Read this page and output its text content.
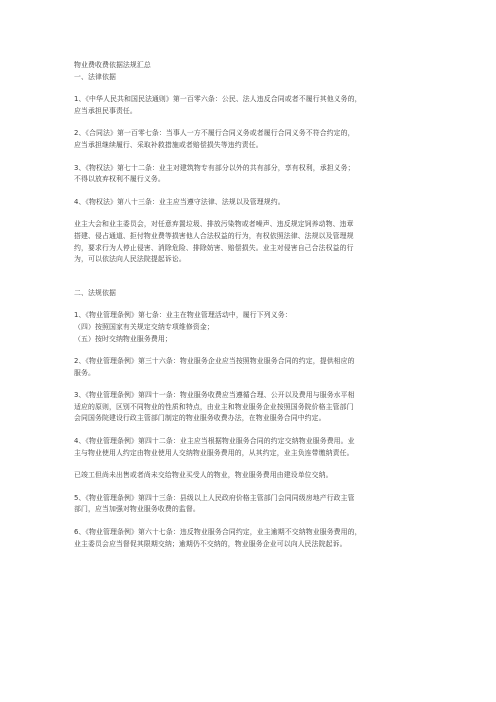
物业费收费依据法规汇总
一、法律依据
1、《中华人民共和国民法通则》第一百零六条：公民、法人违反合同或者不履行其他义务的，
应当承担民事责任。
2、《合同法》第一百零七条：当事人一方不履行合同义务或者履行合同义务不符合约定的，
应当承担继续履行、采取补救措施或者赔偿损失等违约责任。
3、《物权法》第七十二条：业主对建筑物专有部分以外的共有部分，享有权利，承担义务；
不得以放弃权利不履行义务。
4、《物权法》第八十三条：业主应当遵守法律、法规以及管理规约。
业主大会和业主委员会，对任意弃置垃圾、排放污染物或者噪声、违反规定饲养动物、违章
搭建、侵占通道、拒付物业费等损害他人合法权益的行为，有权依照法律、法规以及管理规
约，要求行为人停止侵害、消除危险、排除妨害、赔偿损失。业主对侵害自己合法权益的行
为，可以依法向人民法院提起诉讼。
二、法规依据
1、《物业管理条例》第七条：业主在物业管理活动中，履行下列义务：
（四）按照国家有关规定交纳专项维修资金；
（五）按时交纳物业服务费用；
2、《物业管理条例》第三十六条：物业服务企业应当按照物业服务合同的约定，提供相应的
服务。
3、《物业管理条例》第四十一条：物业服务收费应当遵循合理、公开以及费用与服务水平相
适应的原则，区别不同物业的性质和特点，由业主和物业服务企业按照国务院价格主管部门
会同国务院建设行政主管部门制定的物业服务收费办法，在物业服务合同中约定。
4、《物业管理条例》第四十二条：业主应当根据物业服务合同的约定交纳物业服务费用。业
主与物业使用人约定由物业使用人交纳物业服务费用的，从其约定，业主负连带缴纳责任。
已竣工但尚未出售或者尚未交给物业买受人的物业，物业服务费用由建设单位交纳。
5、《物业管理条例》第四十三条：县级以上人民政府价格主管部门会同同级房地产行政主管
部门，应当加强对物业服务收费的监督。
6、《物业管理条例》第六十七条：违反物业服务合同约定，业主逾期不交纳物业服务费用的，
业主委员会应当督促其限期交纳；逾期仍不交纳的，物业服务企业可以向人民法院起诉。
